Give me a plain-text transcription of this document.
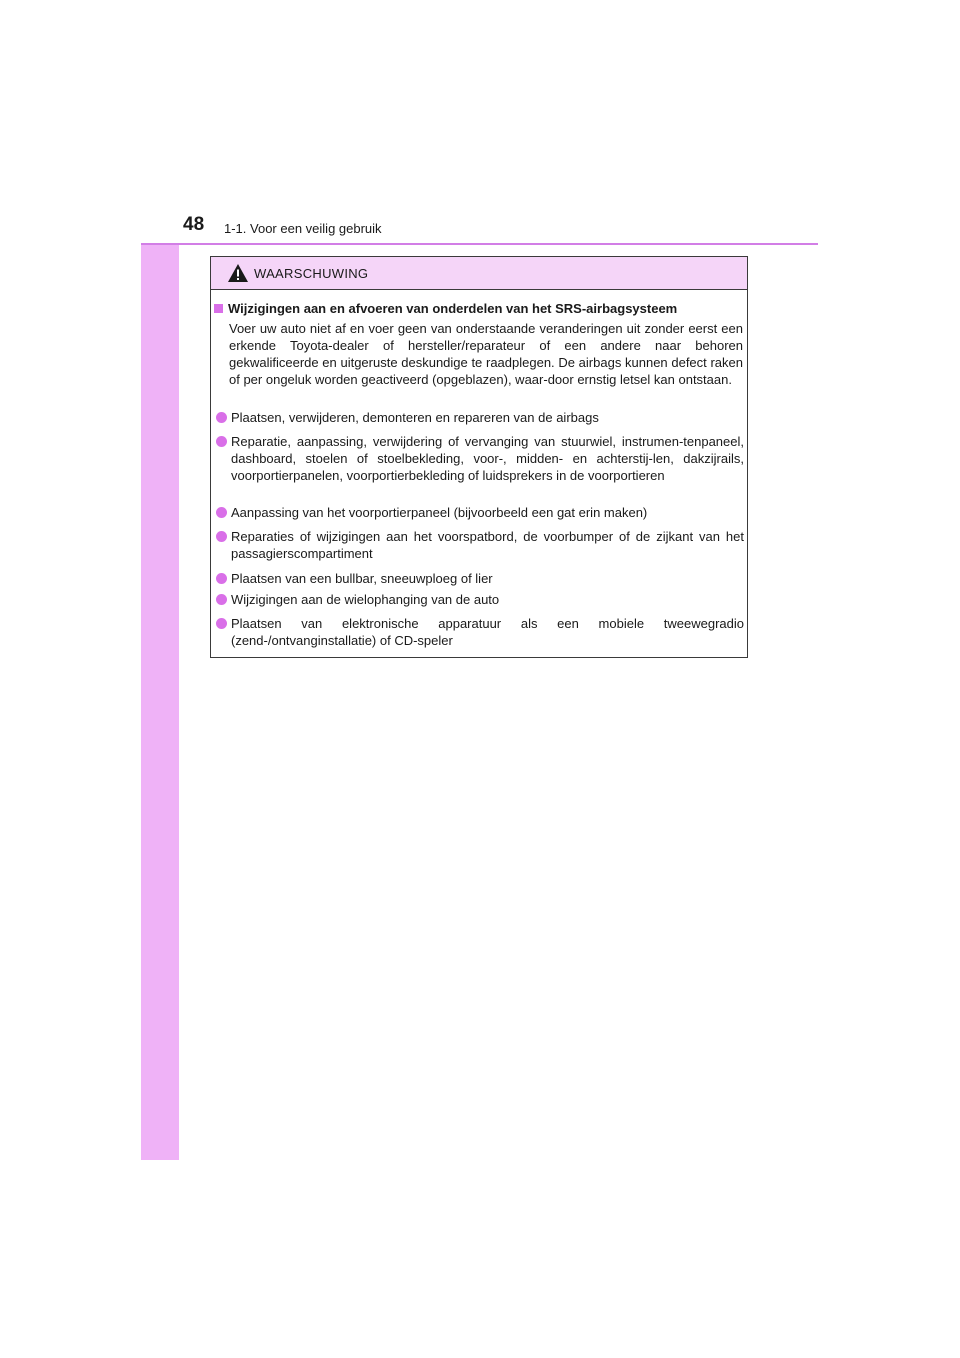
48 1-1. Voor een veilig gebruik
WAARSCHUWING
Wijzigingen aan en afvoeren van onderdelen van het SRS-airbagsysteem
Voer uw auto niet af en voer geen van onderstaande veranderingen uit zonder eerst een erkende Toyota-dealer of hersteller/reparateur of een andere naar behoren gekwalificeerde en uitgeruste deskundige te raadplegen. De airbags kunnen defect raken of per ongeluk worden geactiveerd (opgeblazen), waar-door ernstig letsel kan ontstaan.
Plaatsen, verwijderen, demonteren en repareren van de airbags
Reparatie, aanpassing, verwijdering of vervanging van stuurwiel, instrumen-tenpaneel, dashboard, stoelen of stoelbekleding, voor-, midden- en achterstij-len, dakzijrails, voorportierpanelen, voorportierbekleding of luidsprekers in de voorportieren
Aanpassing van het voorportierpaneel (bijvoorbeeld een gat erin maken)
Reparaties of wijzigingen aan het voorspatbord, de voorbumper of de zijkant van het passagierscompartiment
Plaatsen van een bullbar, sneeuwploeg of lier
Wijzigingen aan de wielophanging van de auto
Plaatsen van elektronische apparatuur als een mobiele tweewegradio (zend-/ontvanginstallatie) of CD-speler
